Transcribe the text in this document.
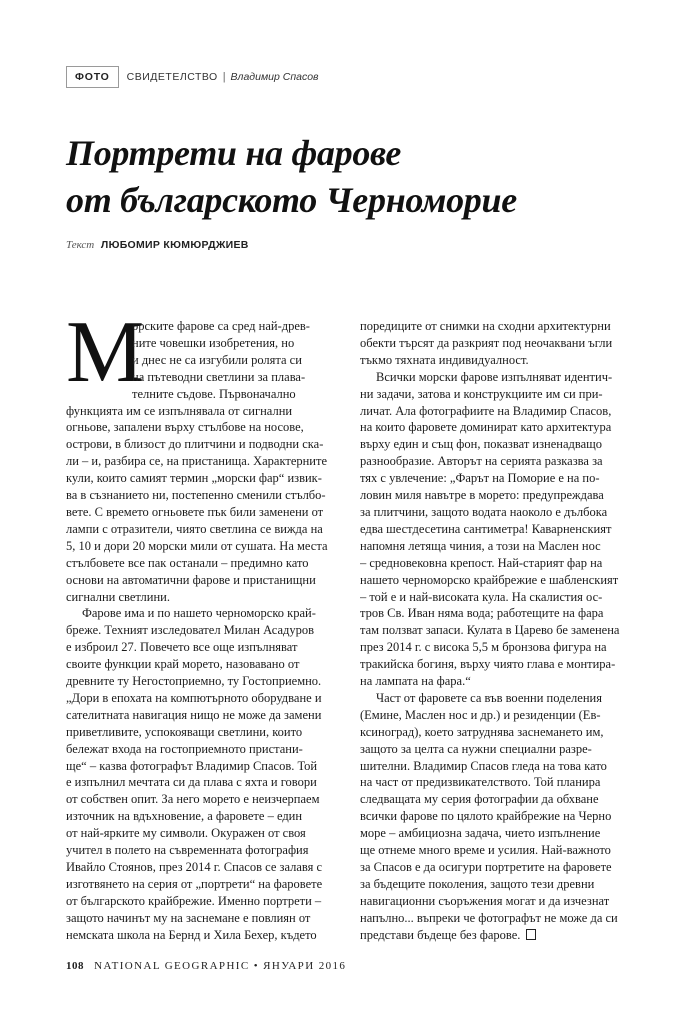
ФОТО	СВИДЕТЕЛСТВО | Владимир Спасов
Портрети на фарове
от българското Черноморие
Текст ЛЮБОМИР КЮМЮРДЖИЕВ
М
орските фарове са сред най-древ-
ните човешки изобретения, но
и днес не са изгубили ролята си
на пътеводни светлини за плава-
телните съдове. Първоначално
функцията им се изпълнявала от сигнални
огньове, запалени върху стълбове на носове,
острови, в близост до плитчини и подводни ска-
ли – и, разбира се, на пристанища. Характерните
кули, които самият термин „морски фар“ извик-
ва в съзнанието ни, постепенно сменили стълбо-
вете. С времето огньовете пък били заменени от
лампи с отразители, чиято светлина се вижда на
5, 10 и дори 20 морски мили от сушата. На места
стълбовете все пак останали – предимно като
основи на автоматични фарове и пристанищни
сигнални светлини.
Фарове има и по нашето черноморско край-
бреже. Техният изследовател Милан Асадуров
е изброил 27. Повечето все още изпълняват
своите функции край морето, назовавано от
древните ту Негостоприемно, ту Гостоприемно.
„Дори в епохата на компютърното оборудване и
сателитната навигация нищо не може да замени
приветливите, успокояващи светлини, които
бележат входа на гостоприемното пристани-
ще“ – казва фотографът Владимир Спасов. Той
е изпълнил мечтата си да плава с яхта и говори
от собствен опит. За него морето е неизчерпаем
източник на вдъхновение, а фаровете – един
от най-ярките му символи. Окуражен от своя
учител в полето на съвременната фотография
Ивайло Стоянов, през 2014 г. Спасов се залавя с
изготвянето на серия от „портрети“ на фаровете
от българското крайбрежие. Именно портрети –
защото начинът му на заснемане е повлиян от
немската школа на Бернд и Хила Бехер, където
поредиците от снимки на сходни архитектурни
обекти търсят да разкрият под неочаквани ъгли
тъкмо тяхната индивидуалност.
Всички морски фарове изпълняват идентич-
ни задачи, затова и конструкциите им си при-
личат. Ала фотографиите на Владимир Спасов,
на които фаровете доминират като архитектура
върху един и същ фон, показват изненадващо
разнообразие. Авторът на серията разказва за
тях с увлечение: „Фарът на Поморие е на по-
ловин миля навътре в морето: предупреждава
за плитчини, защото водата наоколо е дълбока
едва шестдесетина сантиметра! Каварненският
напомня летяща чиния, а този на Маслен нос
– средновековна крепост. Най-старият фар на
нашето черноморско крайбрежие е шабленският
– той е и най-високата кула. На скалистия ос-
тров Св. Иван няма вода; работещите на фара
там ползват запаси. Кулата в Царево бе заменена
през 2014 г. с висока 5,5 м бронзова фигура на
тракийска богиня, върху чиято глава е монтира-
на лампата на фара.“
Част от фаровете са във военни поделения
(Емине, Маслен нос и др.) и резиденции (Ев-
ксиноград), което затруднява заснемането им,
защото за целта са нужни специални разре-
шителни. Владимир Спасов гледа на това като
на част от предизвикателството. Той планира
следващата му серия фотографии да обхване
всички фарове по цялото крайбрежие на Черно
море – амбициозна задача, чието изпълнение
ще отнеме много време и усилия. Най-важното
за Спасов е да осигури портретите на фаровете
за бъдещите поколения, защото тези древни
навигационни съоръжения могат и да изчезнат
напълно... въпреки че фотографът не може да си
представи бъдеще без фарове.
108 NATIONAL GEOGRAPHIC • ЯНУАРИ 2016
